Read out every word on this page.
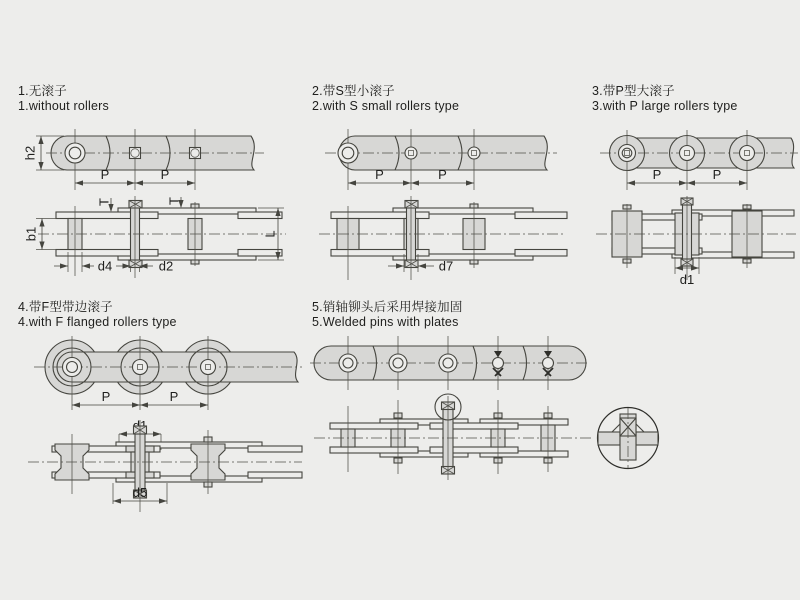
1.无滚子
1.without rollers
2.带S型小滚子
2.with S small rollers type
3.带P型大滚子
3.with P large rollers type
4.带F型带边滚子
4.with F flanged rollers type
5.销轴铆头后采用焊接加固
5.Welded pins with plates
h2
P	P
b1
T	T
L
d4	d2
P	P
d7
P	P
d1
P	P
d5
